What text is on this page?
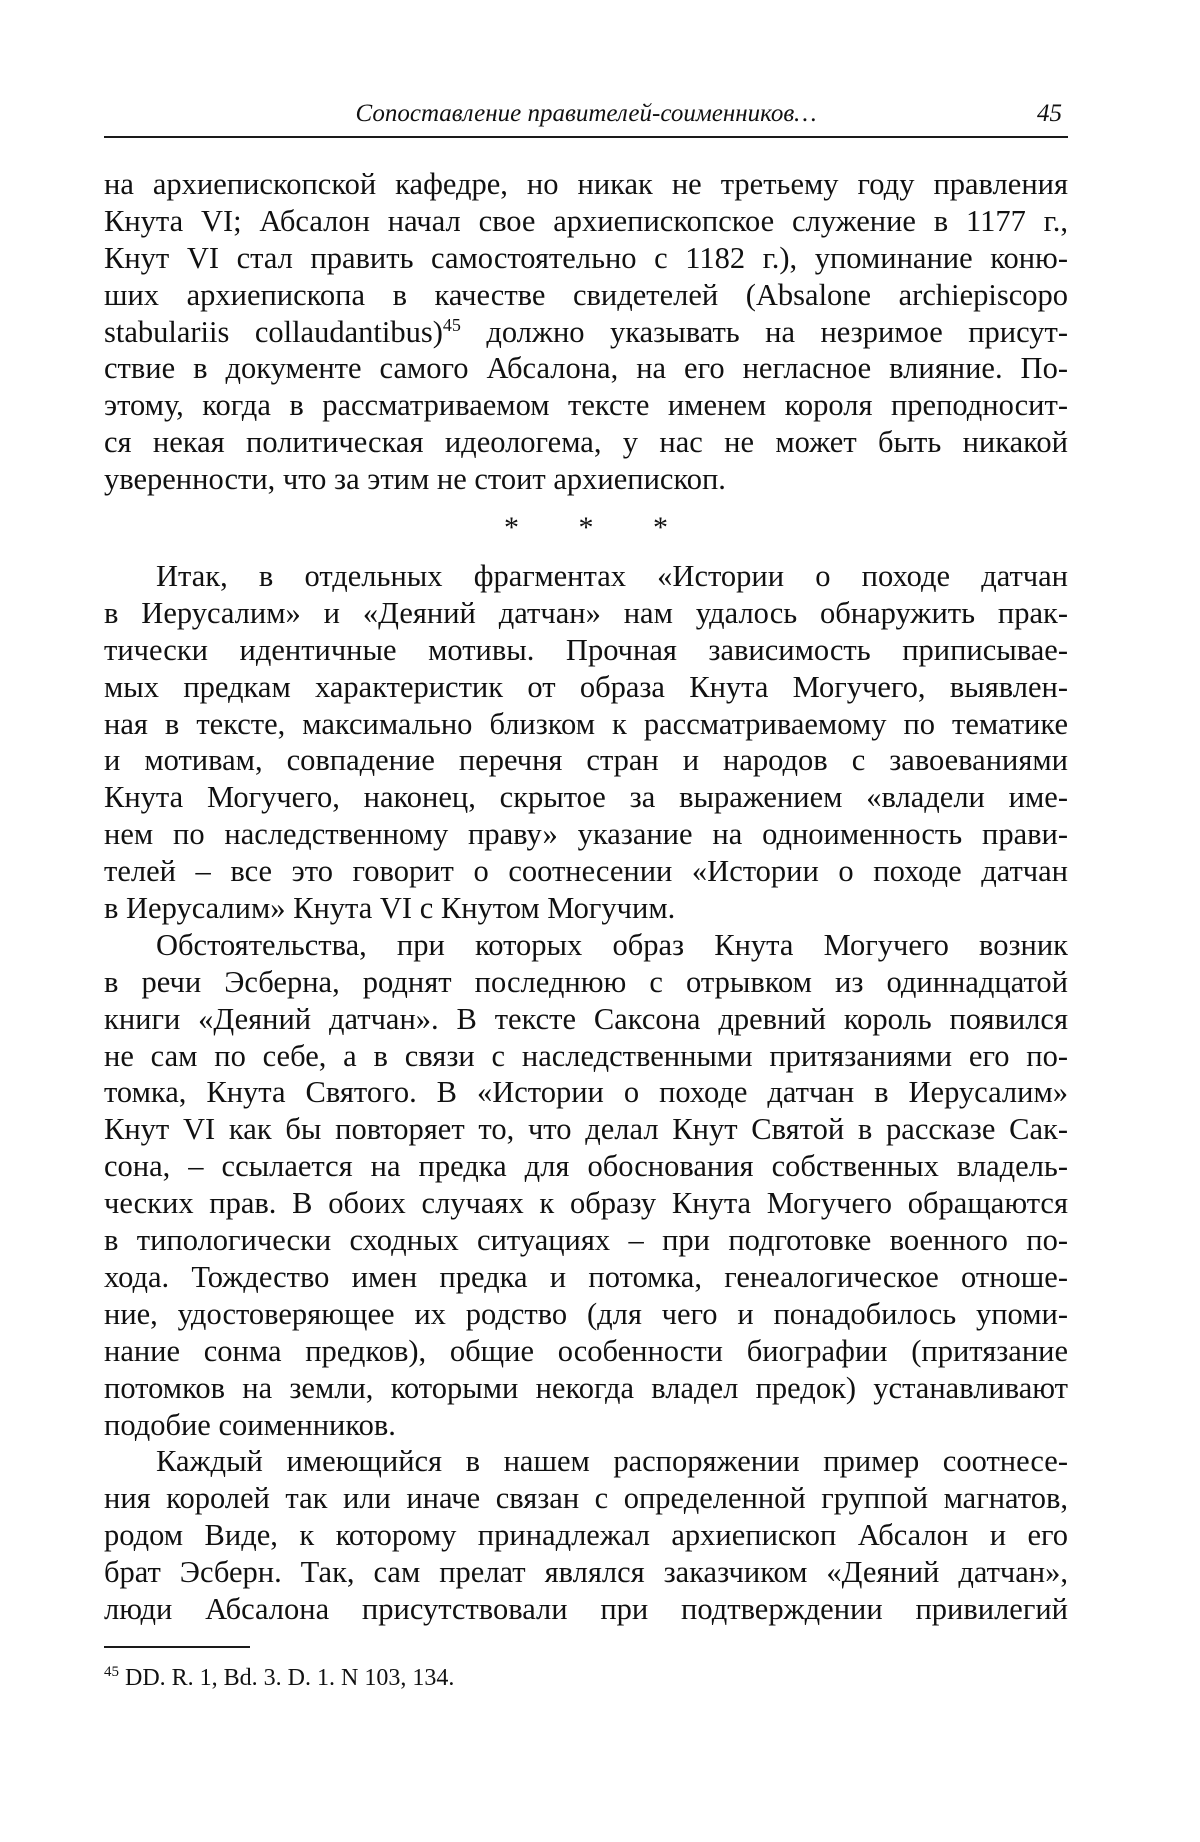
Сопоставление правителей-соименников…	45
на архиепископской кафедре, но никак не третьему году правления
Кнута VI; Абсалон начал свое архиепископское служение в 1177 г.,
Кнут VI стал править самостоятельно с 1182 г.), упоминание коню-
ших архиепископа в качестве свидетелей (Absalone archiepiscopo
stabulariis collaudantibus)$^{45}$ должно указывать на незримое присут-
ствие в документе самого Абсалона, на его негласное влияние. По-
этому, когда в рассматриваемом тексте именем короля преподносит-
ся некая политическая идеологема, у нас не может быть никакой
уверенности, что за этим не стоит архиепископ.
* * *
Итак, в отдельных фрагментах «Истории о походе датчан
в Иерусалим» и «Деяний датчан» нам удалось обнаружить прак-
тически идентичные мотивы. Прочная зависимость приписывае-
мых предкам характеристик от образа Кнута Могучего, выявлен-
ная в тексте, максимально близком к рассматриваемому по тематике
и мотивам, совпадение перечня стран и народов с завоеваниями
Кнута Могучего, наконец, скрытое за выражением «владели име-
нем по наследственному праву» указание на одноименность прави-
телей – все это говорит о соотнесении «Истории о походе датчан
в Иерусалим» Кнута VI с Кнутом Могучим.
Обстоятельства, при которых образ Кнута Могучего возник
в речи Эсберна, роднят последнюю с отрывком из одиннадцатой
книги «Деяний датчан». В тексте Саксона древний король появился
не сам по себе, а в связи с наследственными притязаниями его по-
томка, Кнута Святого. В «Истории о походе датчан в Иерусалим»
Кнут VI как бы повторяет то, что делал Кнут Святой в рассказе Сак-
сона, – ссылается на предка для обоснования собственных владель-
ческих прав. В обоих случаях к образу Кнута Могучего обращаются
в типологически сходных ситуациях – при подготовке военного по-
хода. Тождество имен предка и потомка, генеалогическое отноше-
ние, удостоверяющее их родство (для чего и понадобилось упоми-
нание сонма предков), общие особенности биографии (притязание
потомков на земли, которыми некогда владел предок) устанавливают
подобие соименников.
Каждый имеющийся в нашем распоряжении пример соотнесе-
ния королей так или иначе связан с определенной группой магнатов,
родом Виде, к которому принадлежал архиепископ Абсалон и его
брат Эсберн. Так, сам прелат являлся заказчиком «Деяний датчан»,
люди Абсалона присутствовали при подтверждении привилегий
$^{45}$ DD. R. 1, Bd. 3. D. 1. N 103, 134.
